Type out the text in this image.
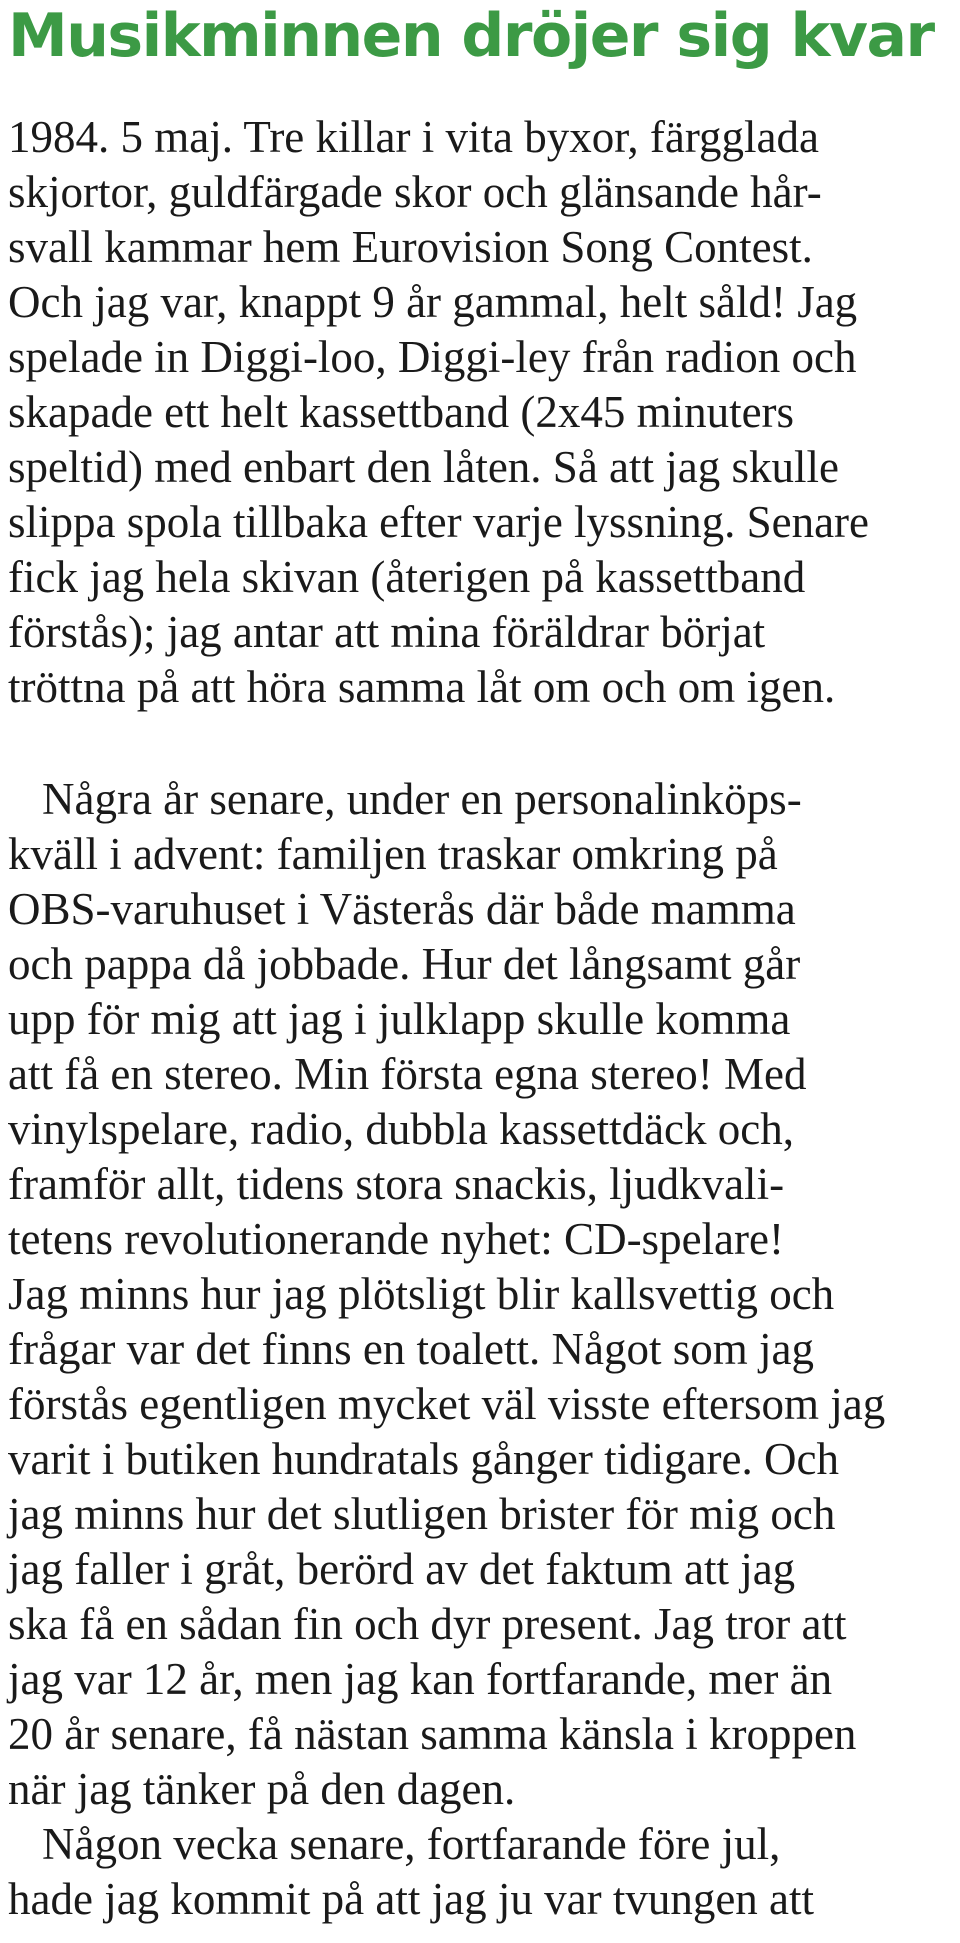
Musikminnen dröjer sig kvar
1984. 5 maj. Tre killar i vita byxor, färgglada
skjortor, guldfärgade skor och glänsande hår-
svall kammar hem Eurovision Song Contest.
Och jag var, knappt 9 år gammal, helt såld! Jag
spelade in Diggi-loo, Diggi-ley från radion och
skapade ett helt kassettband (2x45 minuters
speltid) med enbart den låten. Så att jag skulle
slippa spola tillbaka efter varje lyssning. Senare
fick jag hela skivan (återigen på kassettband
förstås); jag antar att mina föräldrar börjat
tröttna på att höra samma låt om och om igen.
Några år senare, under en personalinköps-
kväll i advent: familjen traskar omkring på
OBS-varuhuset i Västerås där både mamma
och pappa då jobbade. Hur det långsamt går
upp för mig att jag i julklapp skulle komma
att få en stereo. Min första egna stereo! Med
vinylspelare, radio, dubbla kassettdäck och,
framför allt, tidens stora snackis, ljudkvali-
tetens revolutionerande nyhet: CD-spelare!
Jag minns hur jag plötsligt blir kallsvettig och
frågar var det finns en toalett. Något som jag
förstås egentligen mycket väl visste eftersom jag
varit i butiken hundratals gånger tidigare. Och
jag minns hur det slutligen brister för mig och
jag faller i gråt, berörd av det faktum att jag
ska få en sådan fin och dyr present. Jag tror att
jag var 12 år, men jag kan fortfarande, mer än
20 år senare, få nästan samma känsla i kroppen
när jag tänker på den dagen.
Någon vecka senare, fortfarande före jul,
hade jag kommit på att jag ju var tvungen att
